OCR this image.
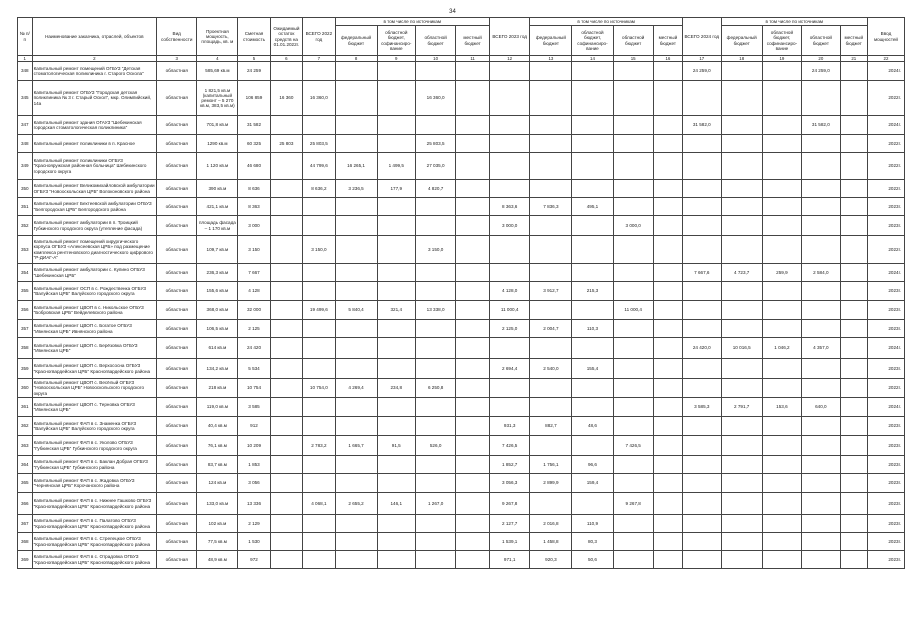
34
№ п/п	Наименование заказчика, отраслей, объектов	Вид собственности	Проектная мощность, площадь, кв. м	Сметная стоимость	Ожидаемый остаток средств на 01.01.2022г.	ВСЕГО 2022 год	в том числе по источникам				ВСЕГО 2023 год	в том числе по источникам				ВСЕГО 2024 год	в том числе по источникам				Ввод мощностей
							федеральный бюджет	областной бюджет, софинансиро-вание	областной бюджет	местный бюджет		федеральный бюджет	областной бюджет, софинансиро-вание	областной бюджет	местный бюджет		федеральный бюджет	областной бюджет, софинансиро-вание	областной бюджет	местный бюджет	
1	2	3	4	5	6	7	8	9	10	11	12	13	14	15	16	17	18	19	20	21	22
348	Капитальный ремонт помещений ОГБУЗ "Детская стоматологическая поликлиника г. Старого Оскола"	областная	585,69 кв.м	24 259												24 259,0			24 259,0		2024г.
345	Капитальный ремонт ОГБУЗ "Городская детская поликлиника № 3 г. Старый Оскол", мкр. Олимпийский, 14а	областная	1 821,5 кв.м (капитальный ремонт – 5 270 кв.м, 383,5 кв.м)	106 859	16 360	16 360,0			16 360,0												2022г.
347	Капитальный ремонт здания ОГАУЗ "Шебекинская городская стоматологическая поликлиника"	областная	701,8 кв.м	31 582												31 582,0			31 582,0		2024г.
348	Капитальный ремонт поликлиники в п. Красное	областная	1290 кв.м	60 325	25 803	25 803,5			25 803,5												2022г.
349	Капитальный ремонт поликлиники ОГБУЗ "Краснояружская районная больница" Шебекинского городского округа	областная	1 120 кв.м	46 680		44 799,6	16 265,1	1 499,5	27 035,0												2022г.
350	Капитальный ремонт Великомихайловской амбулатории ОГБУЗ "Новооскольская ЦРБ" Волоконовского района	областная	390 кв.м	8 636		8 636,2	3 236,5	177,9	4 820,7												2022г.
351	Капитальный ремонт Бехтеевской амбулатории ОГБУЗ "Белгородская ЦРБ" Белгородского района	областная	421,1 кв.м	8 363							8 363,6	7 836,3	495,1								2023г.
352	Капитальный ремонт амбулатории в п. Троицкий Губкинского городского округа (утепление фасада)	областная	площадь фасада – 1 170 кв.м	3 000							3 000,0			3 000,0							2023г.
353	Капитальный ремонт помещений хирургического корпуса ОГБУЗ «Алексеевская ЦРБ» под размещение комплекса рентгеновского диагностического цифрового "Р-ДИАГ-А"	областная	109,7 кв.м	3 150		3 150,0			3 150,0												2022г.
354	Капитальный ремонт амбулатории с. Купино ОГБУЗ "Шебекинская ЦРБ"	областная	236,3 кв.м	7 667												7 667,6	4 723,7	259,9	2 584,0		2024г.
355	Капитальный ремонт ОСП в с. Рождественка ОГБУЗ "Валуйская ЦРБ" Валуйского городского округа	областная	155,6 кв.м	4 128							4 128,0	3 912,7	215,3								2023г.
356	Капитальный ремонт ЦВОП в с. Никольское ОГБУЗ "Бобровская ЦРБ" Вейделевского района	областная	368,0 кв.м	32 000		19 499,6	5 840,4	321,4	13 338,0		11 000,4			11 000,4							2023г.
357	Капитальный ремонт ЦВОП с. Богатое ОГБУЗ "Ивнянская ЦРБ" Ивнянского района	областная	106,5 кв.м	2 125							2 125,0	2 004,7	110,3								2023г.
358	Капитальный ремонт ЦВОП с. Берёзовка ОГБУЗ "Ивнянская ЦРБ"	областная	614 кв.м	24 420												24 420,0	10 016,5	1 046,2	4 357,0		2024г.
359	Капитальный ремонт ЦВОП с. Верхососна ОГБУЗ "Красногвардейская ЦРБ" Красногвардейского района	областная	134,2 кв.м	5 534							2 694,4	2 540,0	155,4								2023г.
360	Капитальный ремонт ЦВОП с. Весёлый ОГБУЗ "Новооскольская ЦРБ" Новооскольского городского округа	областная	218 кв.м	10 754		10 754,0	4 269,4	234,8	6 250,8												2022г.
361	Капитальный ремонт ЦВОП с. Терновка ОГБУЗ "Ивнянская ЦРБ"	областная	119,0 кв.м	3 585												3 585,3	2 791,7	153,6	640,0		2024г.
362	Капитальный ремонт ФАП в с. Знаменка ОГБУЗ "Валуйская ЦРБ" Валуйского городского округа	областная	40,4 кв.м	912							931,3	882,7	48,6								2023г.
363	Капитальный ремонт ФАП в с. Уколово ОГБУЗ "Губкинская ЦРБ" Губкинского городского округа	областная	76,1 кв.м	10 209		2 783,2	1 665,7	91,5	526,0		7 426,5			7 426,5							2023г.
364	Капитальный ремонт ФАП в с. Баклан Добрая ОГБУЗ "Губкинская ЦРБ" Губкинского района	областная	83,7 кв.м	1 853							1 852,7	1 756,1	96,6								2023г.
365	Капитальный ремонт ФАП в с. Жадовка ОГБУЗ "Чернянская ЦРБ" Корочанского района	областная	124 кв.м	3 056							3 056,3	2 899,9	159,4								2023г.
366	Капитальный ремонт ФАП в с. Нижнее Гашково ОГБУЗ "Красногвардейская ЦРБ" Красногвардейского района	областная	133,0 кв.м	13 336		4 068,1	2 655,2	146,1	1 267,0		9 267,8			9 267,8							2023г.
367	Капитальный ремонт ФАП в с. Палатово ОГБУЗ "Красногвардейская ЦРБ" Красногвардейского района	областная	102 кв.м	2 129							2 127,7	2 016,8	110,9								2023г.
368	Капитальный ремонт ФАП в с. Стрелецкое ОГБУЗ "Красногвардейская ЦРБ" Красногвардейского района	областная	77,5 кв.м	1 530							1 539,1	1 458,8	80,3								2023г.
369	Капитальный ремонт ФАП в с. Отрадовка ОГБУЗ "Красногвардейская ЦРБ" Красногвардейского района	областная	48,9 кв.м	972							971,1	920,3	50,6								2023г.
